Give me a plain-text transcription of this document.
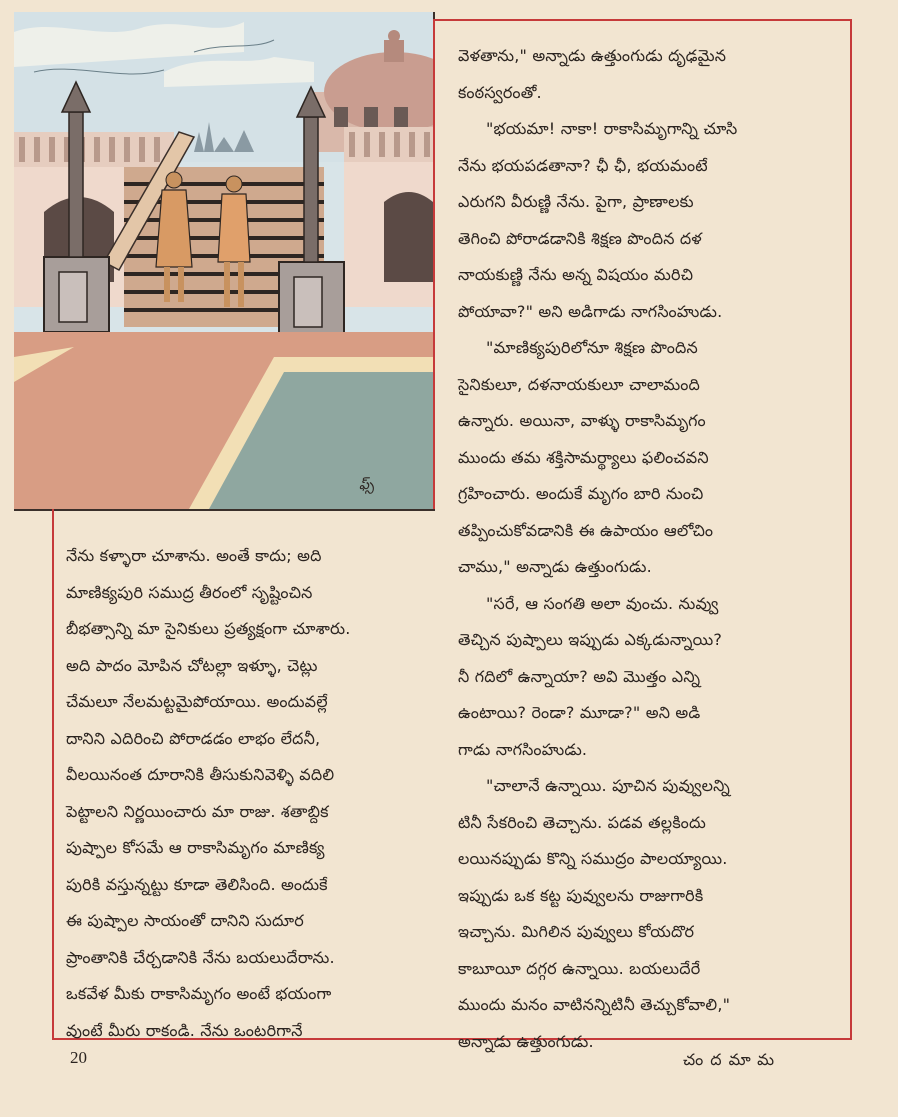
ఫ్స్

వెళతాను," అన్నాడు ఉత్తుంగుడు దృఢమైన

కంఠస్వరంతో.

"భయమా! నాకా! రాకాసిమృగాన్ని చూసి

నేను భయపడతానా? ఛీ ఛీ, భయమంటే

ఎరుగని వీరుణ్ణి నేను. పైగా, ప్రాణాలకు

తెగించి పోరాడడానికి శిక్షణ పొందిన దళ

నాయకుణ్ణి నేను అన్న విషయం మరిచి

పోయావా?" అని అడిగాడు నాగసింహుడు.

"మాణిక్యపురిలోనూ శిక్షణ పొందిన

సైనికులూ, దళనాయకులూ చాలామంది

ఉన్నారు. అయినా, వాళ్ళు రాకాసిమృగం

ముందు తమ శక్తిసామర్థ్యాలు ఫలించవని

గ్రహించారు. అందుకే మృగం బారి నుంచి

తప్పించుకోవడానికి ఈ ఉపాయం ఆలోచిం

చాము," అన్నాడు ఉత్తుంగుడు.

"సరే, ఆ సంగతి అలా వుంచు. నువ్వు

తెచ్చిన పుష్పాలు ఇప్పుడు ఎక్కడున్నాయి?

నీ గదిలో ఉన్నాయా? అవి మొత్తం ఎన్ని

ఉంటాయి? రెండా? మూడా?" అని అడి

గాడు నాగసింహుడు.

"చాలానే ఉన్నాయి. పూచిన పువ్వులన్ని

టినీ సేకరించి తెచ్చాను. పడవ తల్లకిందు

లయినప్పుడు కొన్ని సముద్రం పాలయ్యాయి.

ఇప్పుడు ఒక కట్ట పువ్వులను రాజుగారికి

ఇచ్చాను. మిగిలిన పువ్వులు కోయదొర

కాబూయీ దగ్గర ఉన్నాయి. బయలుదేరే

ముందు మనం వాటినన్నిటినీ తెచ్చుకోవాలి,"

అన్నాడు ఉత్తుంగుడు.

నేను కళ్ళారా చూశాను. అంతే కాదు; అది

మాణిక్యపురి సముద్ర తీరంలో సృష్టించిన

బీభత్సాన్ని మా సైనికులు ప్రత్యక్షంగా చూశారు.

అది పాదం మోపిన చోటల్లా ఇళ్ళూ, చెట్లు

చేమలూ నేలమట్టమైపోయాయి. అందువల్లే

దానిని ఎదిరించి పోరాడడం లాభం లేదనీ,

వీలయినంత దూరానికి తీసుకునివెళ్ళి వదిలి

పెట్టాలని నిర్ణయించారు మా రాజు. శతాబ్దిక

పుష్పాల కోసమే ఆ రాకాసిమృగం మాణిక్య

పురికి వస్తున్నట్టు కూడా తెలిసింది. అందుకే

ఈ పుష్పాల సాయంతో దానిని సుదూర

ప్రాంతానికి చేర్చడానికి నేను బయలుదేరాను.

ఒకవేళ మీకు రాకాసిమృగం అంటే భయంగా

వుంటే మీరు రాకండి. నేను ఒంటరిగానే

20	చందమామ
